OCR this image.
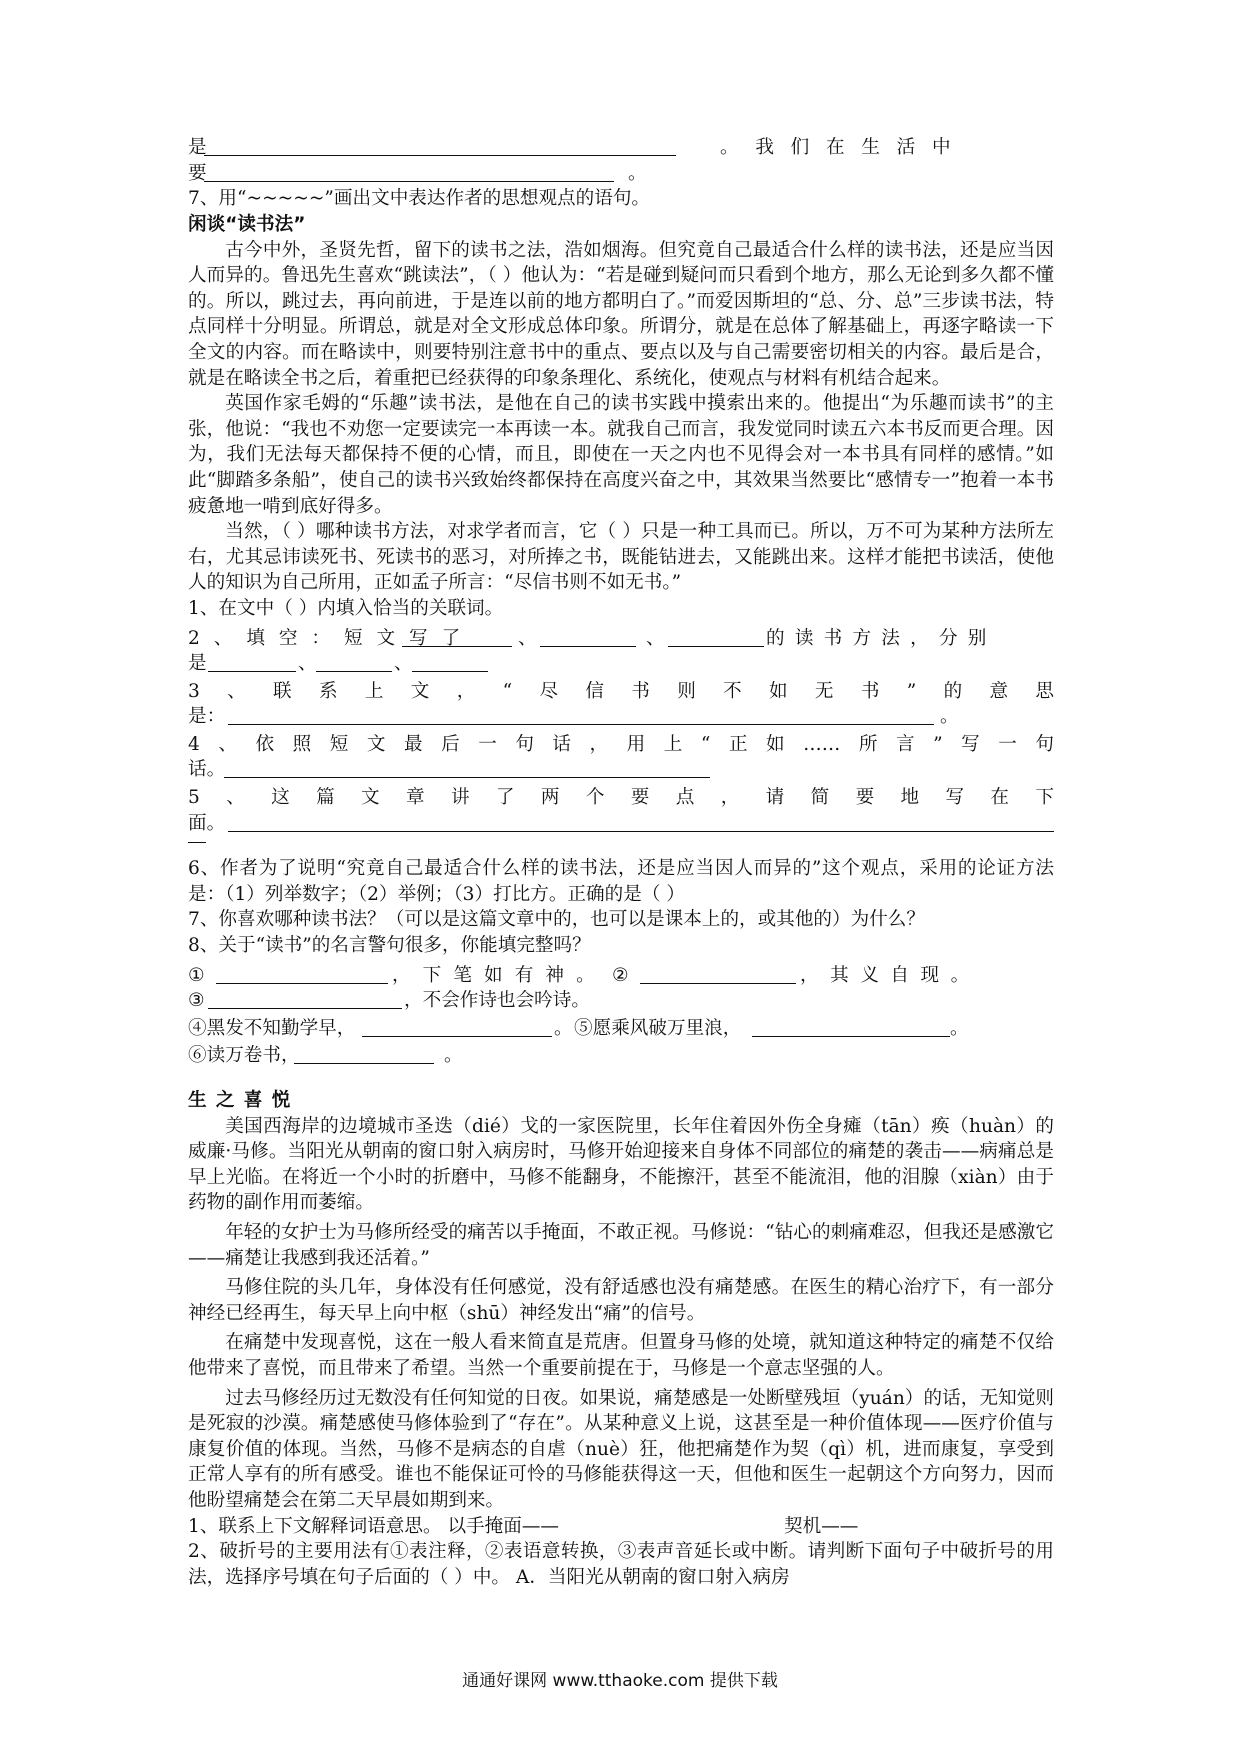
是	。我们在生活中

要	。

7、用“~~~~~”画出文中表达作者的思想观点的语句。

闲谈“读书法”

古今中外，圣贤先哲，留下的读书之法，浩如烟海。但究竟自己最适合什么样的读书法，还是应当因人而异的。鲁迅先生喜欢“跳读法”，（ ）他认为：“若是碰到疑问而只看到个地方，那么无论到多久都不懂的。所以，跳过去，再向前进，于是连以前的地方都明白了。”而爱因斯坦的“总、分、总”三步读书法，特点同样十分明显。所谓总，就是对全文形成总体印象。所谓分，就是在总体了解基础上，再逐字略读一下全文的内容。而在略读中，则要特别注意书中的重点、要点以及与自己需要密切相关的内容。最后是合，就是在略读全书之后，着重把已经获得的印象条理化、系统化，使观点与材料有机结合起来。

英国作家毛姆的“乐趣”读书法，是他在自己的读书实践中摸索出来的。他提出“为乐趣而读书”的主张，他说：“我也不劝您一定要读完一本再读一本。就我自己而言，我发觉同时读五六本书反而更合理。因为，我们无法每天都保持不便的心情，而且，即使在一天之内也不见得会对一本书具有同样的感情。”如此“脚踏多条船”，使自己的读书兴致始终都保持在高度兴奋之中，其效果当然要比“感情专一”抱着一本书疲惫地一啃到底好得多。

当然，（ ）哪种读书方法，对求学者而言，它（ ）只是一种工具而已。所以，万不可为某种方法所左右，尤其忌讳读死书、死读书的恶习，对所捧之书，既能钻进去，又能跳出来。这样才能把书读活，使他人的知识为自己所用，正如孟子所言：“尽信书则不如无书。”

1、在文中（ ）内填入恰当的关联词。

2、填空：短文写了 、	、	的读书方法，分别

是	、	、

3、联系上文，“尽信书则不如无书”的意思

是：	。

4、依照短文最后一句话，用上“正如……所言”写一句

话。

5、这篇文章讲了两个要点，请简要地写在下

面。

6、作者为了说明“究竟自己最适合什么样的读书法，还是应当因人而异的”这个观点，采用的论证方法是：（1）列举数字；（2）举例；（3）打比方。正确的是（ ）

7、你喜欢哪种读书法？（可以是这篇文章中的，也可以是课本上的，或其他的）为什么？

8、关于“读书”的名言警句很多，你能填完整吗？

①	，下笔如有神。 ②	，其义自现。

③	，不会作诗也会吟诗。

④黑发不知勤学早，	。 ⑤愿乘风破万里浪，	。

⑥读万卷书，	。

生之喜悦

美国西海岸的边境城市圣迭（dié）戈的一家医院里，长年住着因外伤全身瘫（tān）痪（huàn）的威廉·马修。当阳光从朝南的窗口射入病房时，马修开始迎接来自身体不同部位的痛楚的袭击——病痛总是早上光临。在将近一个小时的折磨中，马修不能翻身，不能擦汗，甚至不能流泪，他的泪腺（xiàn）由于药物的副作用而萎缩。

年轻的女护士为马修所经受的痛苦以手掩面，不敢正视。马修说：“钻心的刺痛难忍，但我还是感激它——痛楚让我感到我还活着。”

马修住院的头几年，身体没有任何感觉，没有舒适感也没有痛楚感。在医生的精心治疗下，有一部分神经已经再生，每天早上向中枢（shū）神经发出“痛”的信号。

在痛楚中发现喜悦，这在一般人看来简直是荒唐。但置身马修的处境，就知道这种特定的痛楚不仅给他带来了喜悦，而且带来了希望。当然一个重要前提在于，马修是一个意志坚强的人。

过去马修经历过无数没有任何知觉的日夜。如果说，痛楚感是一处断壁残垣（yuán）的话，无知觉则是死寂的沙漠。痛楚感使马修体验到了“存在”。从某种意义上说，这甚至是一种价值体现——医疗价值与康复价值的体现。当然，马修不是病态的自虐（nuè）狂，他把痛楚作为契（qì）机，进而康复，享受到正常人享有的所有感受。谁也不能保证可怜的马修能获得这一天，但他和医生一起朝这个方向努力，因而他盼望痛楚会在第二天早晨如期到来。

1、联系上下文解释词语意思。 以手掩面——	契机——

2、破折号的主要用法有①表注释，②表语意转换，③表声音延长或中断。请判断下面句子中破折号的用法，选择序号填在句子后面的（ ）中。 A．当阳光从朝南的窗口射入病房

通通好课网 www.tthaoke.com 提供下载
